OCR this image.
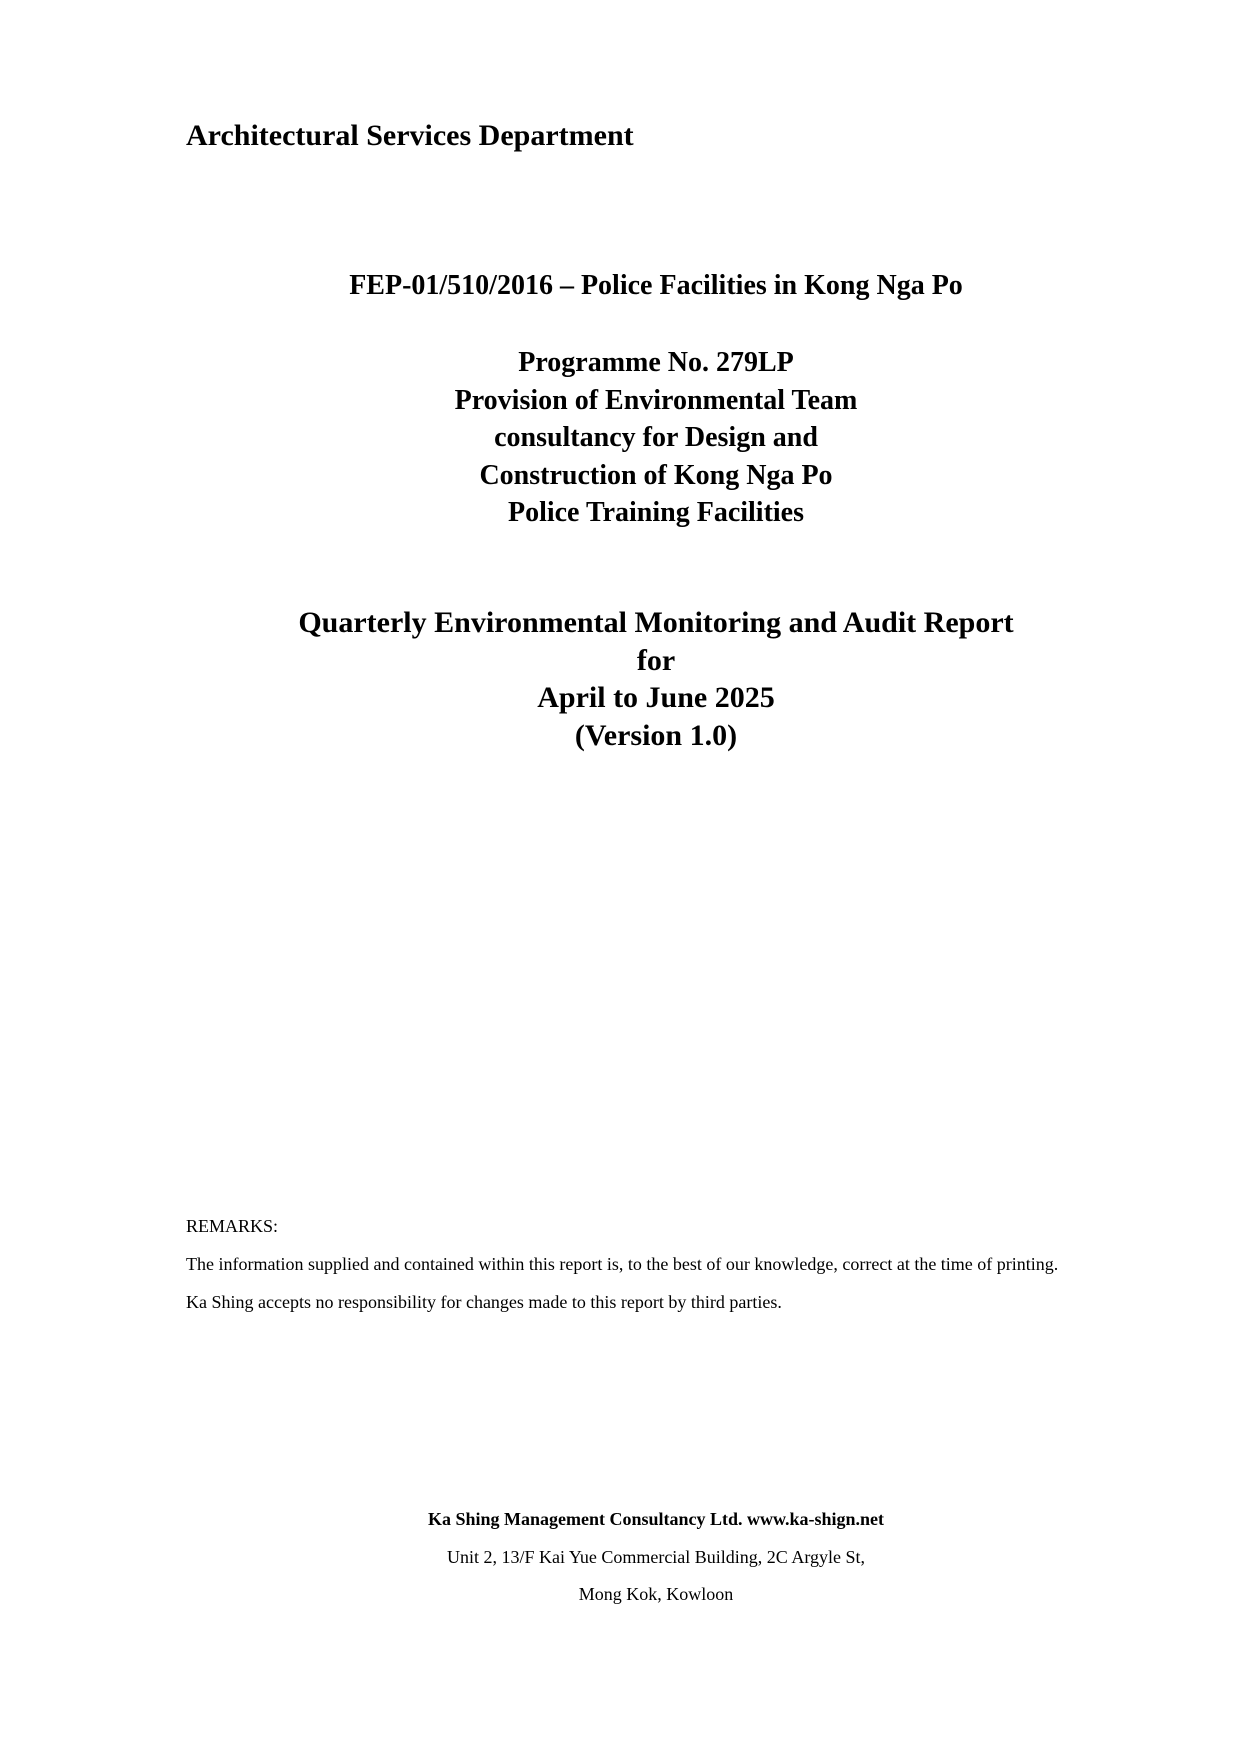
Architectural Services Department
FEP-01/510/2016 – Police Facilities in Kong Nga Po
Programme No. 279LP
Provision of Environmental Team
consultancy for Design and
Construction of Kong Nga Po
Police Training Facilities
Quarterly Environmental Monitoring and Audit Report
for
April to June 2025
(Version 1.0)
REMARKS:
The information supplied and contained within this report is, to the best of our knowledge, correct at the time of printing.
Ka Shing accepts no responsibility for changes made to this report by third parties.
Ka Shing Management Consultancy Ltd. www.ka-shign.net
Unit 2, 13/F Kai Yue Commercial Building, 2C Argyle St,
Mong Kok, Kowloon
